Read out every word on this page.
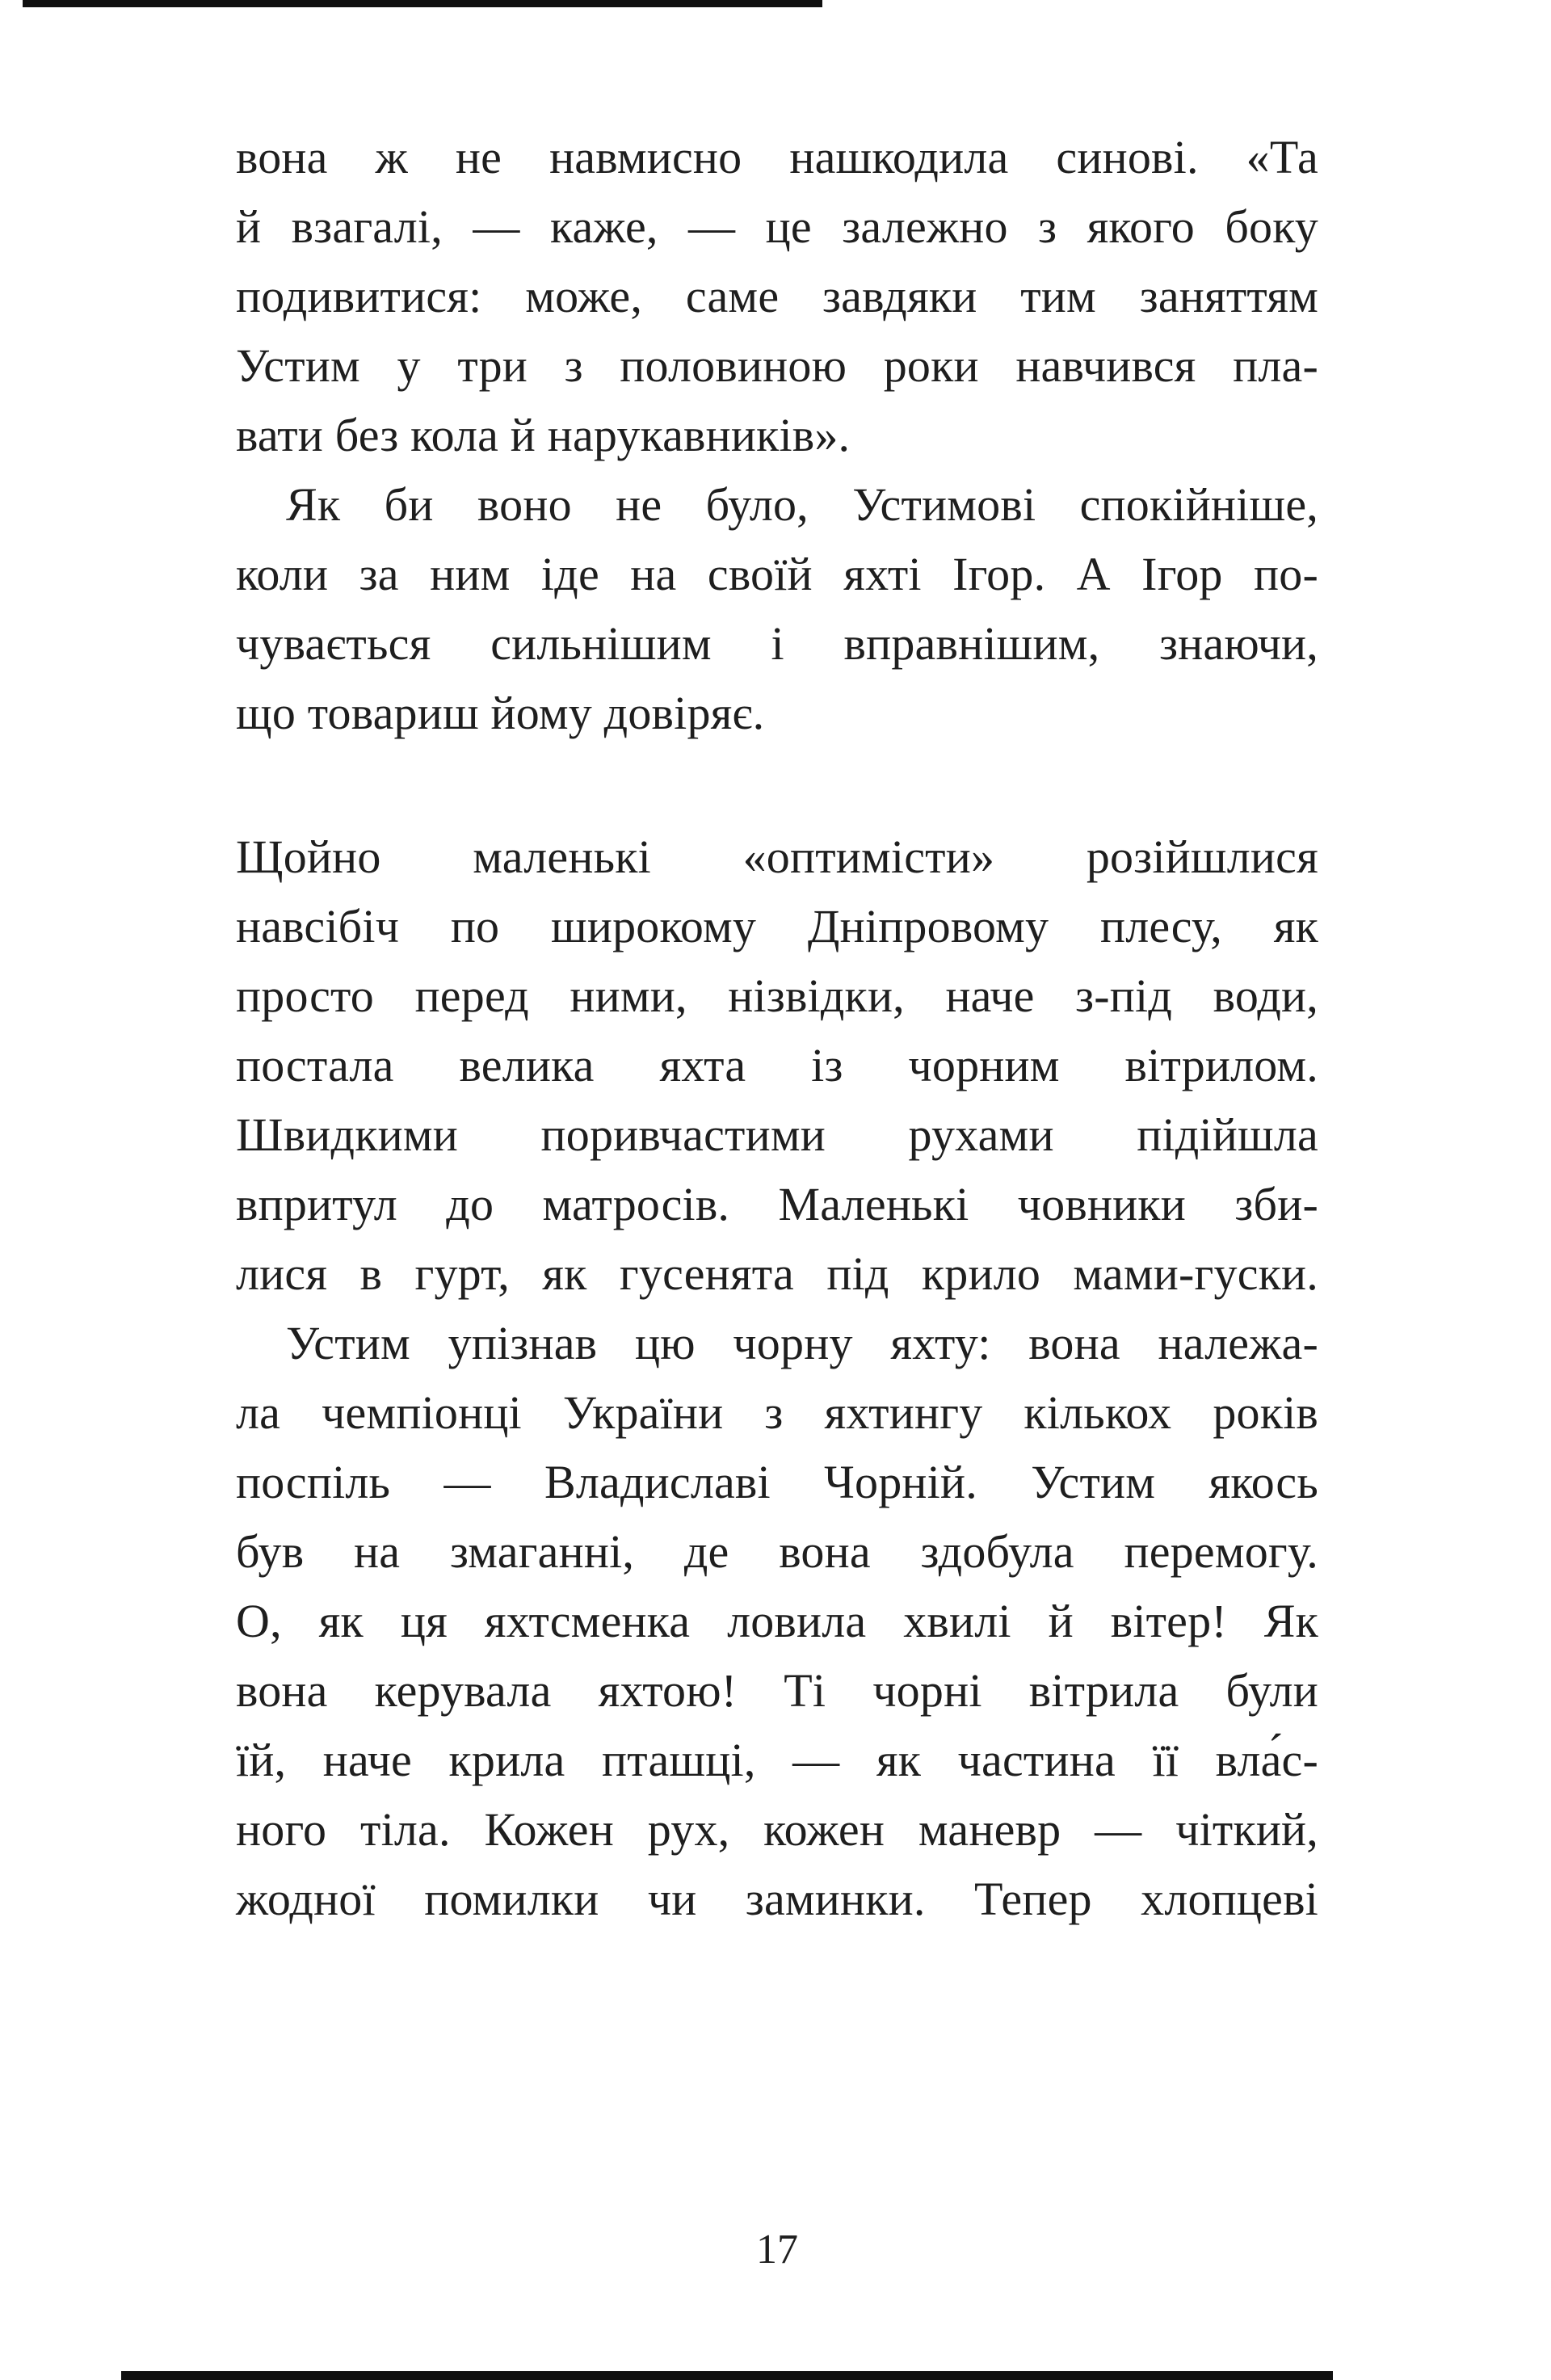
вона ж не навмисно нашкодила синові. «Та
й взагалі, — каже, — це залежно з якого боку
подивитися: може, саме завдяки тим заняттям
Устим у три з половиною роки навчився пла-
вати без кола й нарукавників».

Як би воно не було, Устимові спокійніше,
коли за ним іде на своїй яхті Ігор. А Ігор по-
чувається сильнішим і вправнішим, знаючи,
що товариш йому довіряє.

Щойно маленькі «оптимісти» розійшлися
навсібіч по широкому Дніпровому плесу, як
просто перед ними, нізвідки, наче з-під води,
постала велика яхта із чорним вітрилом.
Швидкими поривчастими рухами підійшла
впритул до матросів. Маленькі човники зби-
лися в гурт, як гусенята під крило мами-гуски.

Устим упізнав цю чорну яхту: вона належа-
ла чемпіонці України з яхтингу кількох років
поспіль — Владиславі Чорній. Устим якось
був на змаганні, де вона здобула перемогу.
О, як ця яхтсменка ловила хвилі й вітер! Як
вона керувала яхтою! Ті чорні вітрила були
їй, наче крила пташці, — як частина її вла́с-
ного тіла. Кожен рух, кожен маневр — чіткий,
жодної помилки чи заминки. Тепер хлопцеві

17
